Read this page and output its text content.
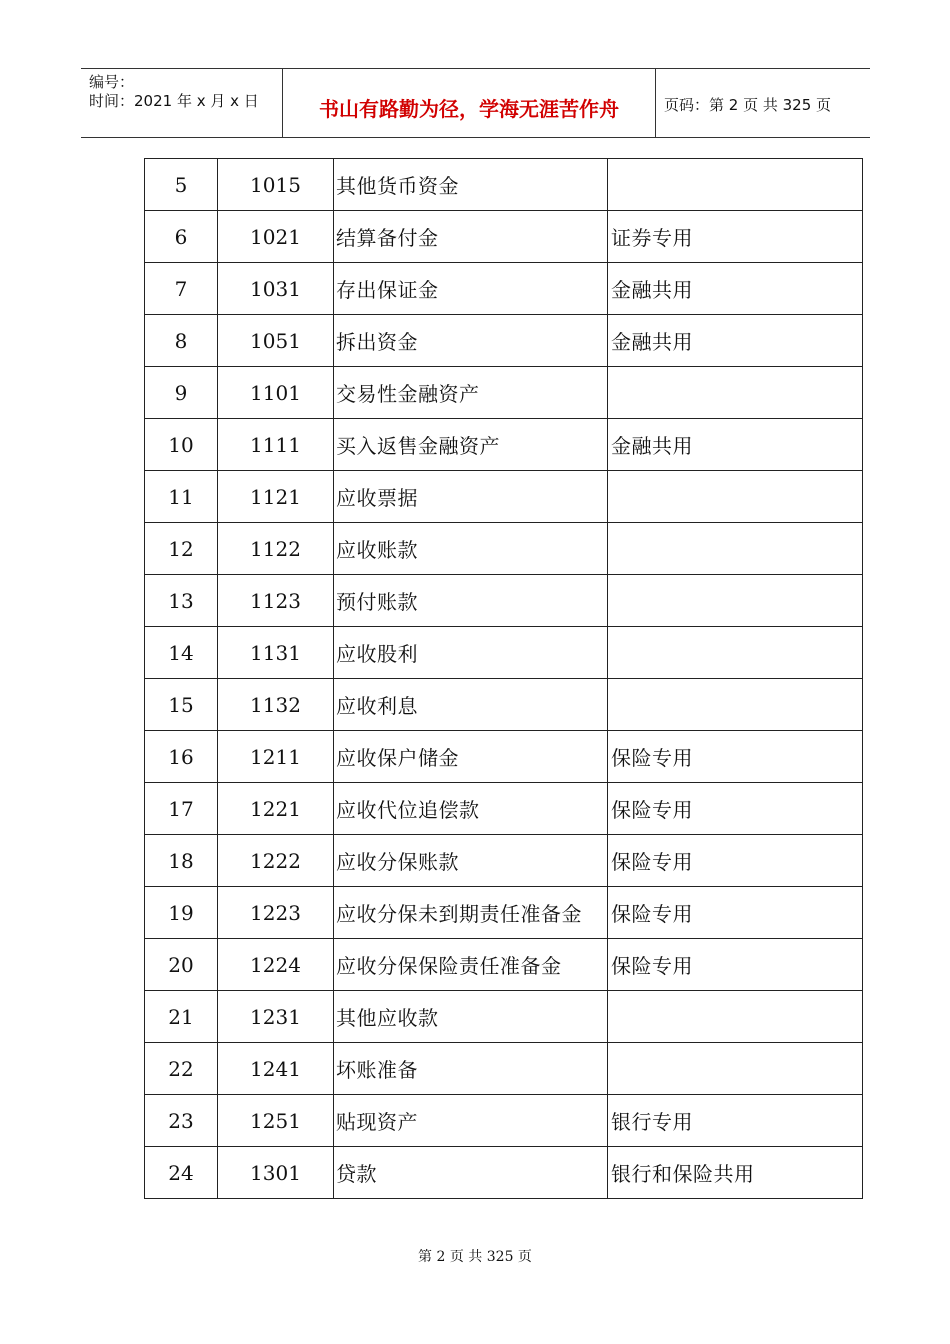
编号：
时间：2021 年 x 月 x 日	书山有路勤为径，学海无涯苦作舟	页码：第 2 页 共 325 页
5	1015	其他货币资金	
6	1021	结算备付金	证券专用
7	1031	存出保证金	金融共用
8	1051	拆出资金	金融共用
9	1101	交易性金融资产	
10	1111	买入返售金融资产	金融共用
11	1121	应收票据	
12	1122	应收账款	
13	1123	预付账款	
14	1131	应收股利	
15	1132	应收利息	
16	1211	应收保户储金	保险专用
17	1221	应收代位追偿款	保险专用
18	1222	应收分保账款	保险专用
19	1223	应收分保未到期责任准备金	保险专用
20	1224	应收分保保险责任准备金	保险专用
21	1231	其他应收款	
22	1241	坏账准备	
23	1251	贴现资产	银行专用
24	1301	贷款	银行和保险共用
第 2 页 共 325 页
